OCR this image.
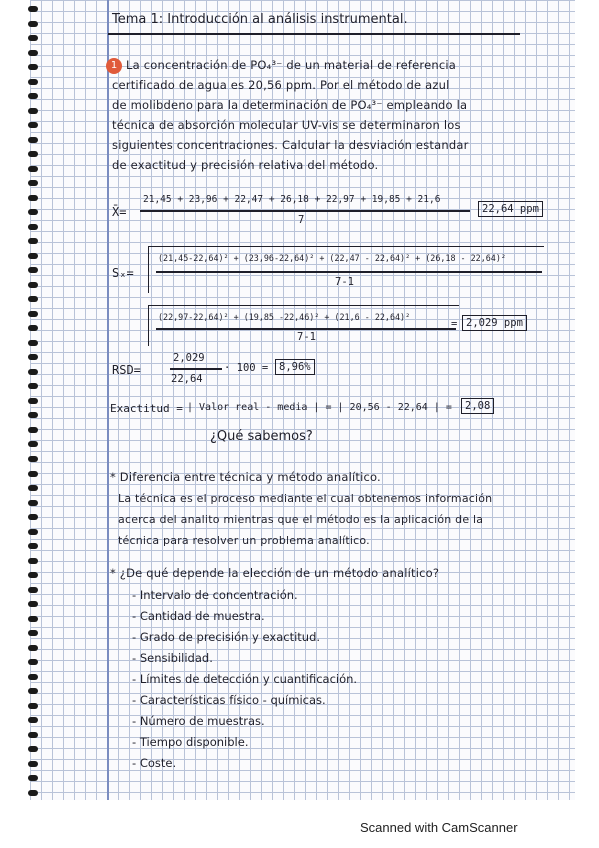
Tema 1: Introducción al análisis instrumental.
1 La concentración de PO₄³⁻ de un material de referencia
certificado de agua es 20,56 ppm. Por el método de azul
de molibdeno para la determinación de PO₄³⁻ empleando la
técnica de absorción molecular UV-vis se determinaron los
siguientes concentraciones. Calcular la desviación estandar
de exactitud y precisión relativa del método.
X̄=
21,45 + 23,96 + 22,47 + 26,18 + 22,97 + 19,85 + 21,6
7
22,64 ppm
Sₓ=
(21,45-22,64)² + (23,96-22,64)² + (22,47 - 22,64)² + (26,18 - 22,64)²
7-1
(22,97-22,64)² + (19,85 -22,46)² + (21,6 - 22,64)²
7-1
= 2,029 ppm
RSD=
2,029
22,64
· 100 =	8,96%
Exactitud = | Valor real - media | = | 20,56 - 22,64 | =	2,08
¿Qué sabemos?
* Diferencia entre técnica y método analítico.
La técnica es el proceso mediante el cual obtenemos información
acerca del analito mientras que el método es la aplicación de la
técnica para resolver un problema analítico.
* ¿De qué depende la elección de un método analítico?
- Intervalo de concentración.
- Cantidad de muestra.
- Grado de precisión y exactitud.
- Sensibilidad.
- Límites de detección y cuantificación.
- Características físico - químicas.
- Número de muestras.
- Tiempo disponible.
- Coste.
Scanned with CamScanner
